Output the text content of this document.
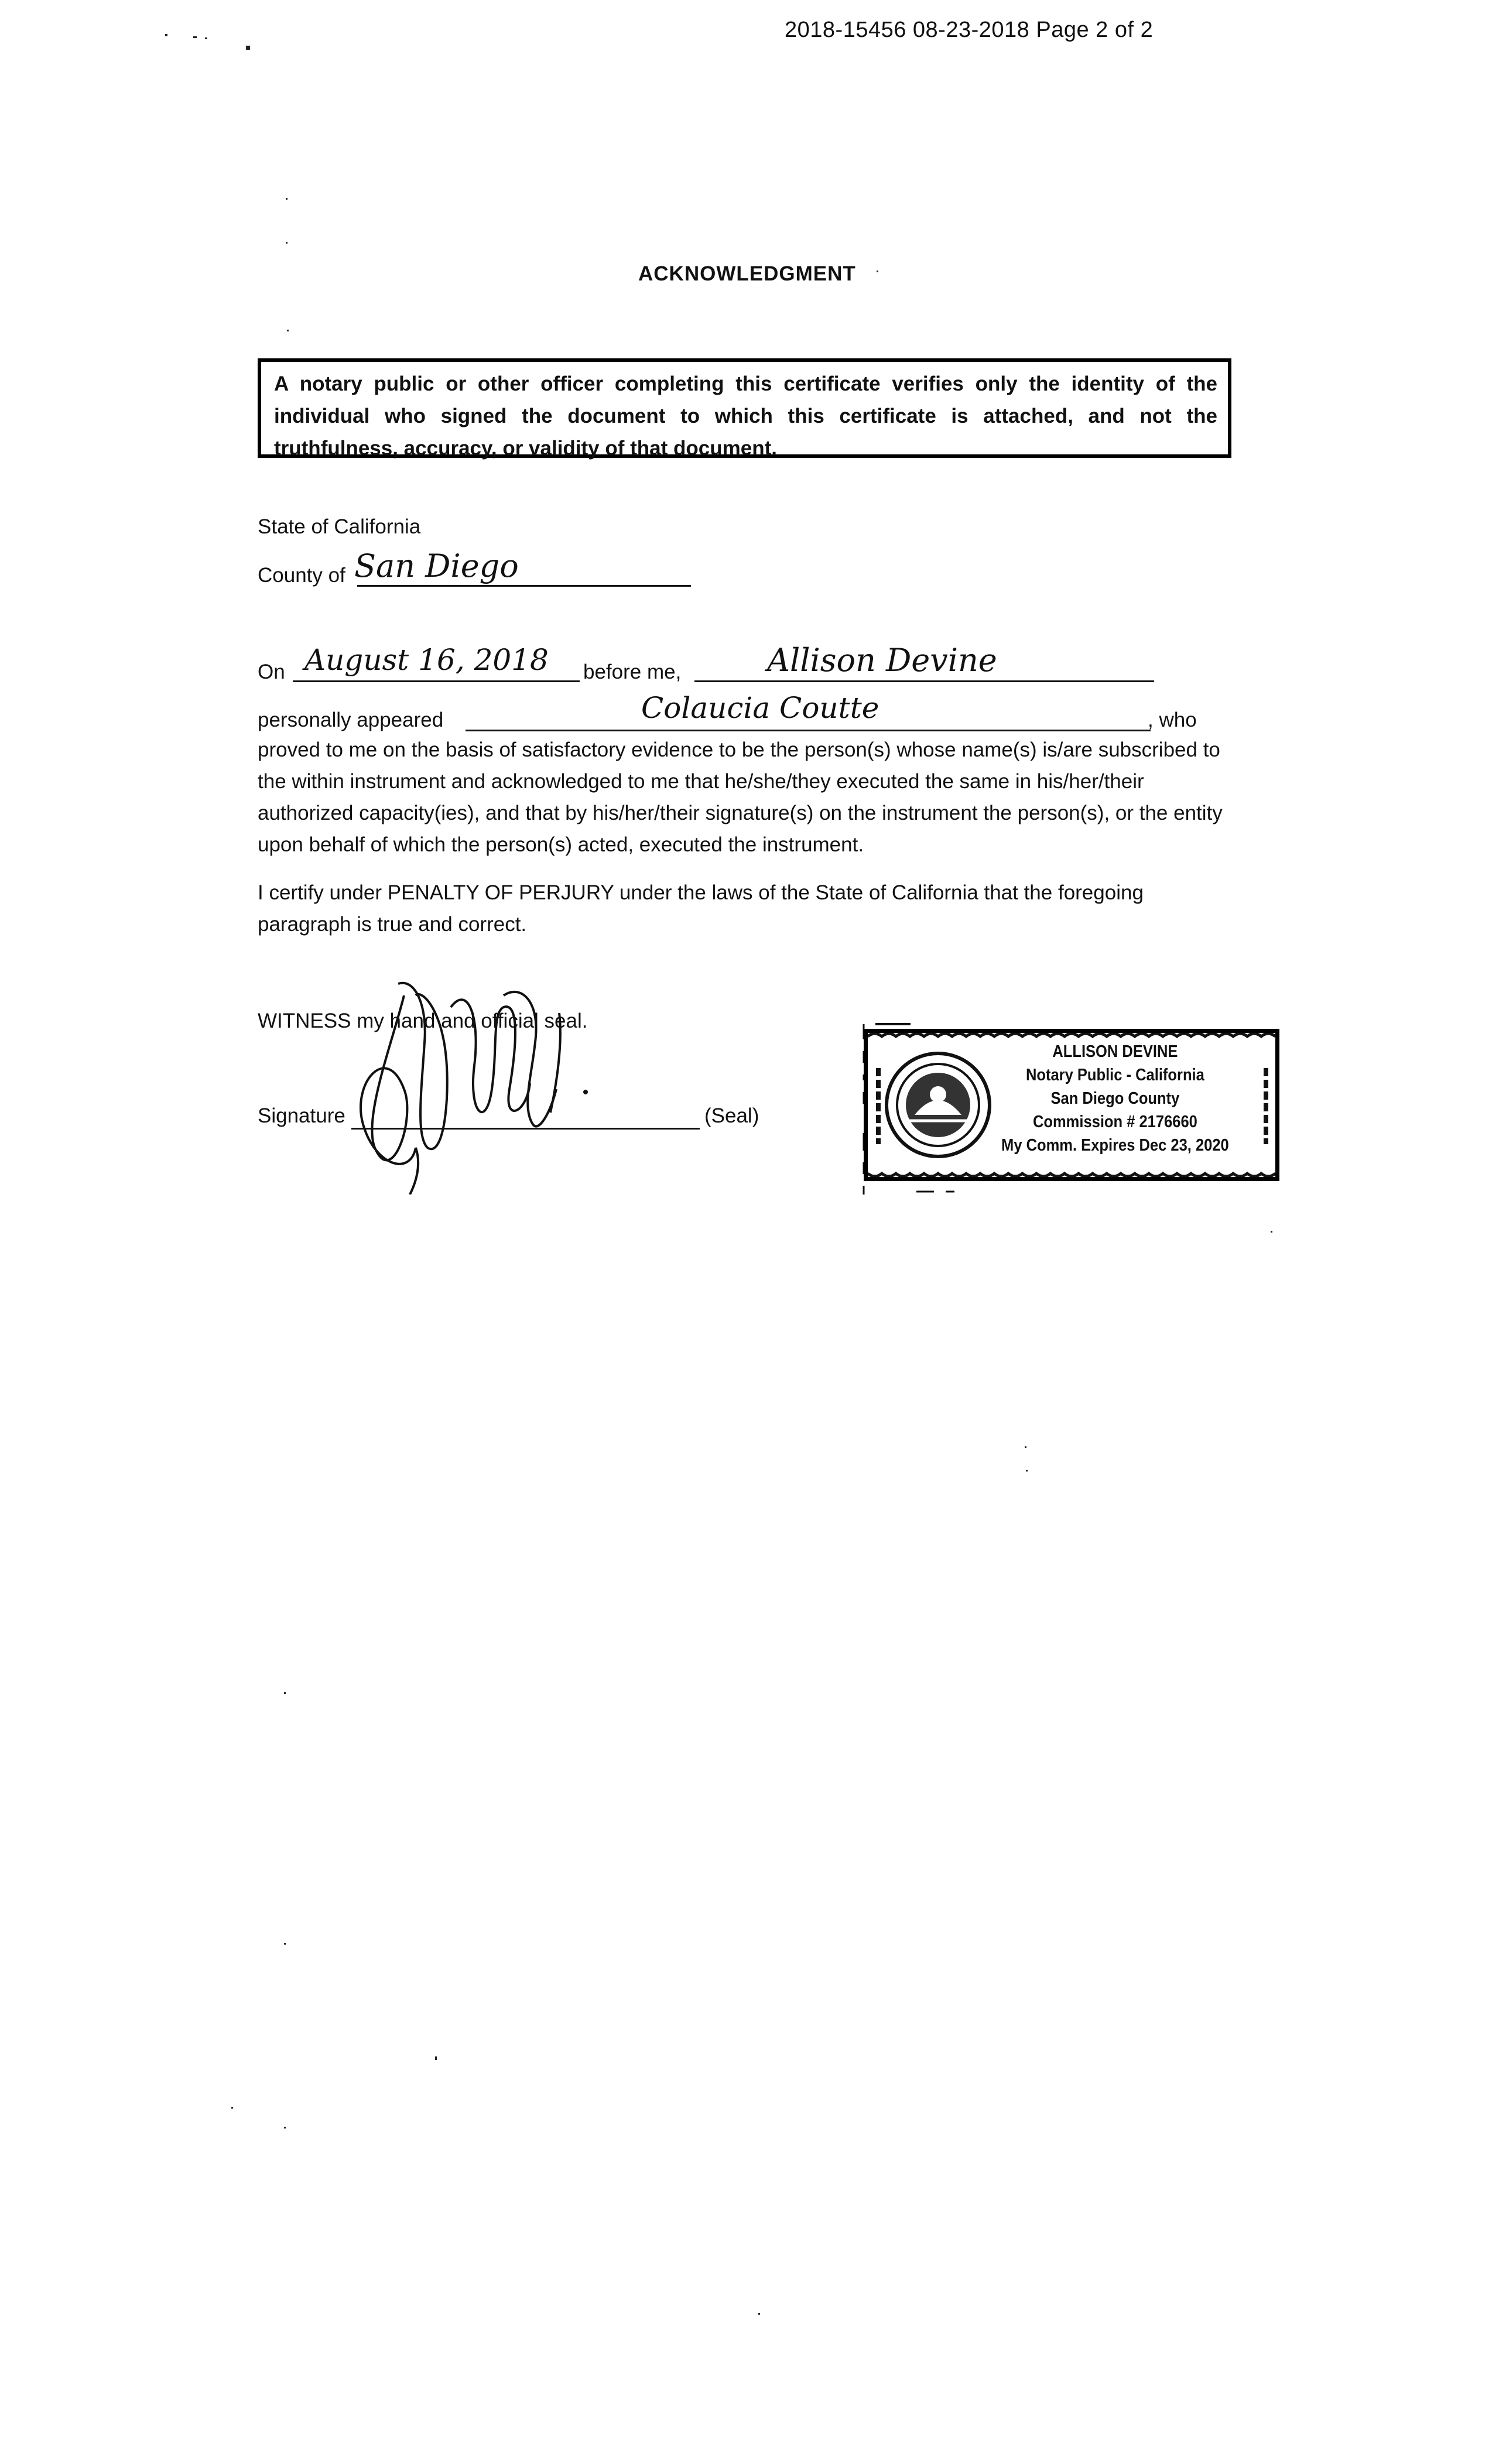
2018-15456 08-23-2018 Page 2 of 2
ACKNOWLEDGMENT
A notary public or other officer completing this certificate verifies only the identity of the individual who signed the document to which this certificate is attached, and not the truthfulness, accuracy, or validity of that document.
State of California
County of San Diego
On August 16, 2018 before me,	Allison Devine
personally appeared	Colaucia Coutte	, who
proved to me on the basis of satisfactory evidence to be the person(s) whose name(s) is/are subscribed to the within instrument and acknowledged to me that he/she/they executed the same in his/her/their authorized capacity(ies), and that by his/her/their signature(s) on the instrument the person(s), or the entity upon behalf of which the person(s) acted, executed the instrument.
I certify under PENALTY OF PERJURY under the laws of the State of California that the foregoing paragraph is true and correct.
WITNESS my hand and official seal.
Signature	(Seal)
ALLISON DEVINE
Notary Public - California
San Diego County
Commission # 2176660
My Comm. Expires Dec 23, 2020
